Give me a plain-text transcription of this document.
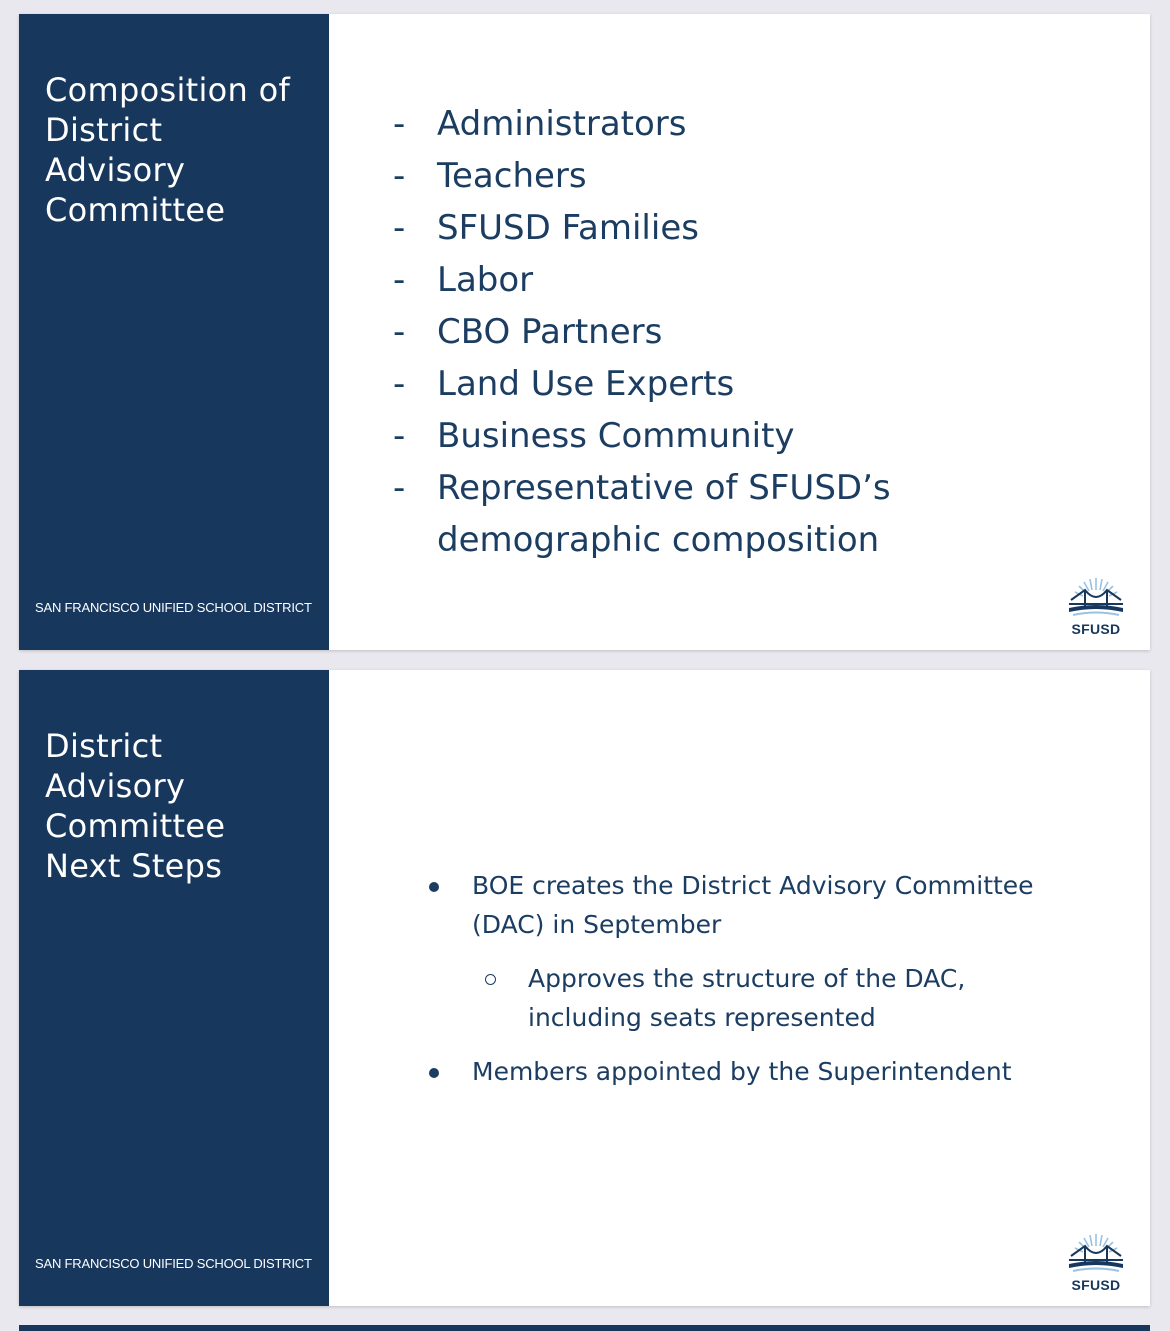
Composition of
District
Advisory
Committee
SAN FRANCISCO UNIFIED SCHOOL DISTRICT
- Administrators
- Teachers
- SFUSD Families
- Labor
- CBO Partners
- Land Use Experts
- Business Community
- Representative of SFUSD’s demographic composition
SFUSD
District
Advisory
Committee
Next Steps
SAN FRANCISCO UNIFIED SCHOOL DISTRICT
BOE creates the District Advisory Committee (DAC) in September
Approves the structure of the DAC, including seats represented
Members appointed by the Superintendent
SFUSD
